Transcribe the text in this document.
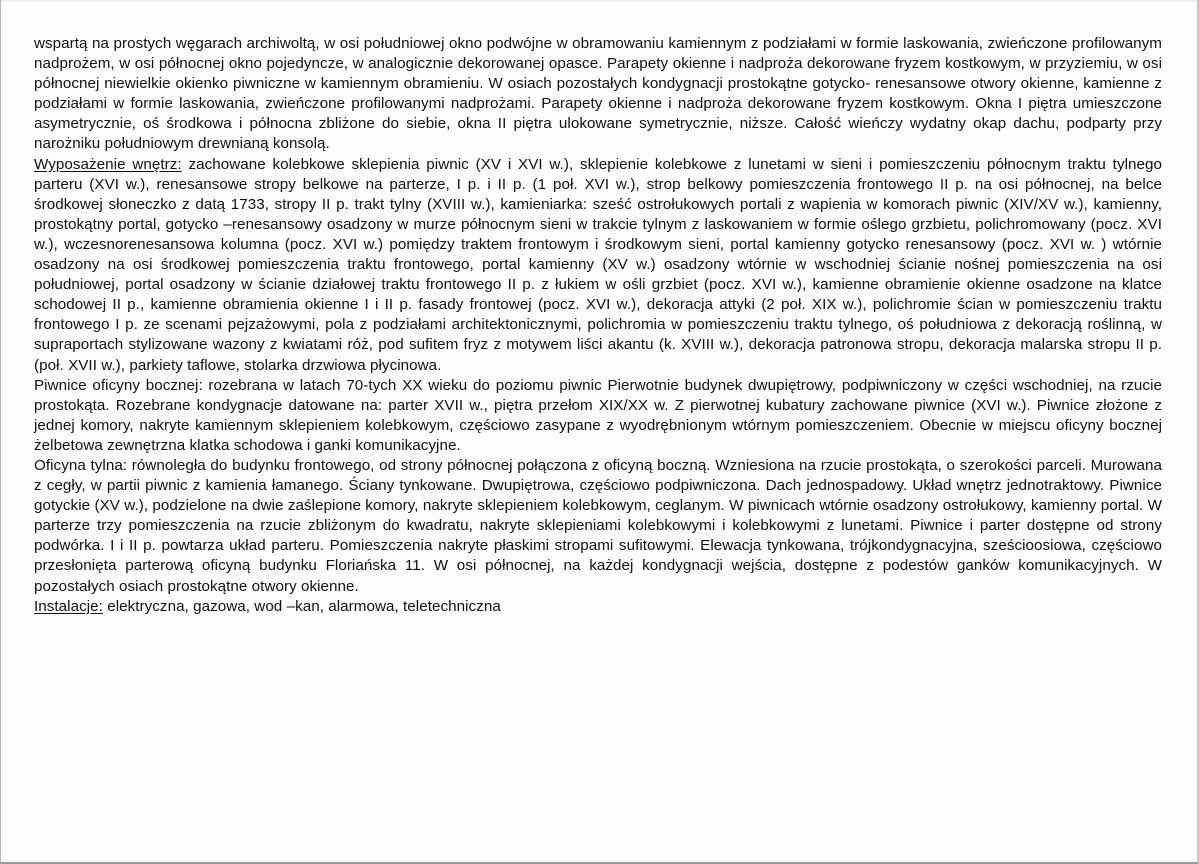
wspartą na prostych węgarach archiwoltą, w osi południowej okno podwójne w obramowaniu kamiennym z podziałami w formie laskowania, zwieńczone profilowanym nadprożem, w osi północnej okno pojedyncze, w analogicznie dekorowanej opasce. Parapety okienne i nadproża dekorowane fryzem kostkowym, w przyziemiu, w osi północnej niewielkie okienko piwniczne w kamiennym obramieniu. W osiach pozostałych kondygnacji prostokątne gotycko- renesansowe otwory okienne, kamienne z podziałami w formie laskowania, zwieńczone profilowanymi nadprożami. Parapety okienne i nadproża dekorowane fryzem kostkowym. Okna I piętra umieszczone asymetrycznie, oś środkowa i północna zbliżone do siebie, okna II piętra ulokowane symetrycznie, niższe. Całość wieńczy wydatny okap dachu, podparty przy narożniku południowym drewnianą konsolą.

Wyposażenie wnętrz: zachowane kolebkowe sklepienia piwnic (XV i XVI w.), sklepienie kolebkowe z lunetami w sieni i pomieszczeniu północnym traktu tylnego parteru (XVI w.), renesansowe stropy belkowe na parterze, I p. i II p. (1 poł. XVI w.), strop belkowy pomieszczenia frontowego II p. na osi północnej, na belce środkowej słoneczko z datą 1733, stropy II p. trakt tylny (XVIII w.), kamieniarka: sześć ostrołukowych portali z wapienia w komorach piwnic (XIV/XV w.), kamienny, prostokątny portal, gotycko –renesansowy osadzony w murze północnym sieni w trakcie tylnym z laskowaniem w formie oślego grzbietu, polichromowany (pocz. XVI w.), wczesnorenesansowa kolumna (pocz. XVI w.) pomiędzy traktem frontowym i środkowym sieni, portal kamienny gotycko renesansowy (pocz. XVI w. ) wtórnie osadzony na osi środkowej pomieszczenia traktu frontowego, portal kamienny (XV w.) osadzony wtórnie w wschodniej ścianie nośnej pomieszczenia na osi południowej, portal osadzony w ścianie działowej traktu frontowego II p. z łukiem w ośli grzbiet (pocz. XVI w.), kamienne obramienie okienne osadzone na klatce schodowej II p., kamienne obramienia okienne I i II p. fasady frontowej (pocz. XVI w.), dekoracja attyki (2 poł. XIX w.), polichromie ścian w pomieszczeniu traktu frontowego I p. ze scenami pejzażowymi, pola z podziałami architektonicznymi, polichromia w pomieszczeniu traktu tylnego, oś południowa z dekoracją roślinną, w supraportach stylizowane wazony z kwiatami róż, pod sufitem fryz z motywem liści akantu (k. XVIII w.), dekoracja patronowa stropu, dekoracja malarska stropu II p. (poł. XVII w.), parkiety taflowe, stolarka drzwiowa płycinowa.

Piwnice oficyny bocznej: rozebrana w latach 70-tych XX wieku do poziomu piwnic Pierwotnie budynek dwupiętrowy, podpiwniczony w części wschodniej, na rzucie prostokąta. Rozebrane kondygnacje datowane na: parter XVII w., piętra przełom XIX/XX w. Z pierwotnej kubatury zachowane piwnice (XVI w.). Piwnice złożone z jednej komory, nakryte kamiennym sklepieniem kolebkowym, częściowo zasypane z wyodrębnionym wtórnym pomieszczeniem. Obecnie w miejscu oficyny bocznej żelbetowa zewnętrzna klatka schodowa i ganki komunikacyjne.

Oficyna tylna: równoległa do budynku frontowego, od strony północnej połączona z oficyną boczną. Wzniesiona na rzucie prostokąta, o szerokości parceli. Murowana z cegły, w partii piwnic z kamienia łamanego. Ściany tynkowane. Dwupiętrowa, częściowo podpiwniczona. Dach jednospadowy. Układ wnętrz jednotraktowy. Piwnice gotyckie (XV w.), podzielone na dwie zaślepione komory, nakryte sklepieniem kolebkowym, ceglanym. W piwnicach wtórnie osadzony ostrołukowy, kamienny portal. W parterze trzy pomieszczenia na rzucie zbliżonym do kwadratu, nakryte sklepieniami kolebkowymi i kolebkowymi z lunetami. Piwnice i parter dostępne od strony podwórka. I i II p. powtarza układ parteru. Pomieszczenia nakryte płaskimi stropami sufitowymi. Elewacja tynkowana, trójkondygnacyjna, sześcioosiowa, częściowo przesłonięta parterową oficyną budynku Floriańska 11. W osi północnej, na każdej kondygnacji wejścia, dostępne z podestów ganków komunikacyjnych. W pozostałych osiach prostokątne otwory okienne.

Instalacje: elektryczna, gazowa, wod –kan, alarmowa, teletechniczna
